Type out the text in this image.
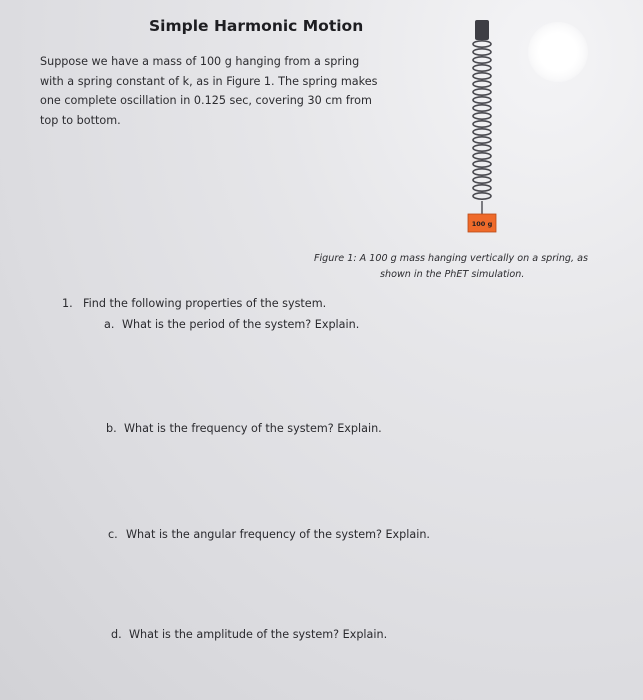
Simple Harmonic Motion

Suppose we have a mass of 100 g hanging from a spring

with a spring constant of k, as in Figure 1. The spring makes

one complete oscillation in 0.125 sec, covering 30 cm from

top to bottom.

100 g

Figure 1: A 100 g mass hanging vertically on a spring, as

shown in the PhET simulation.

1. Find the following properties of the system.
a. What is the period of the system? Explain.
b. What is the frequency of the system? Explain.
c. What is the angular frequency of the system? Explain.
d. What is the amplitude of the system? Explain.
